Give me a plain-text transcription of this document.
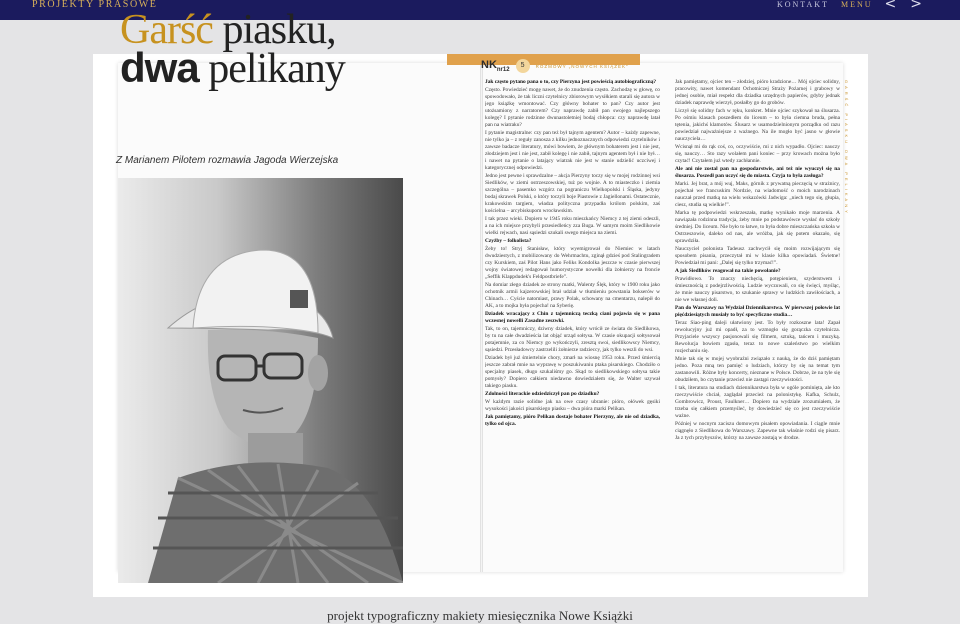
PROJEKTY PRASOWE	KONTAKT MENU < >
Garść piasku,
dwa pelikany
Z Marianem Pilotem rozmawia Jagoda Wierzejska
$NK_{nr12}$
5	ROZMOWY „NOWYCH KSIĄŻEK”

Jak często pytano pana o to, czy Pierzyna jest powieścią autobiograficzną?

Często. Powiedzieć mogę nawet, że do znudzenia często. Zachodzę w głowę, co spowodowało, że tak liczni czytelnicy zbiorowym wysiłkiem starali się autora w jego książkę wmontować. Czy główny bohater to pan? Czy autor jest utożsamiony z narratorem? Czy naprawdę zabił pan swojego najlepszego kolegę? I pytanie rodzinne dwunastoletniej bodaj chłopca: czy naprawdę latał pan na wiatraku?

I pytanie magistralne: czy pan też był tajnym agentem? Autor – każdy zapewne, nie tylko ja – z reguły zanosza z kilku jednoznacznych odpowiedzi czytelników i zawsze badacze literatury, mówi bowiem, że głównym bohaterem jest i nie jest, złodziejem jest i nie jest, zabił kolegę i nie zabił, tajnym agentem był i nie był… i nawet na pytanie o latający wiatrak nie jest w stanie udzielić uczciwej i kategorycznej odpowiedzi.

Jedno jest pewne i sprawdzalne – akcja Pierzyny toczy się w mojej rodzinnej wsi Siedlików, w ziemi ostrzeszowskiej, tuż po wojnie. A to miasteczko i ziemia szczególna – pasemko wzgórz na pograniczu Wielkopolski i Śląska, jedyny bodaj skrawek Polski, o który toczyli boje Piastowie z Jagiellonami. Ostatecznie, krakowskim targiem, władza polityczna przypadła królom polskim, zaś kościelna – arcybiskupom wrocławskim.

I tak przez wieki. Dopiero w 1945 roku mieszkańcy Niemcy z tej ziemi odeszli, a na ich miejsce przybyli przesiedleńcy zza Buga. W samym moim Siedlikowie wielki rejwach, nasi sąsiedzi szukali swego miejsca na ziemi.

Czyżby – folkolista?

Żeby to! Stryj Stanisław, który wyemigrował do Niemiec w latach dwudziestych, z mobilizowany do Wehrmachtu, zginął gdzieś pod Stalingradem czy Kurskiem, zaś Pilot Hans jako Feliks Kondolka jeszcze w czasie pierwszej wojny światowej redagował humorystyczne nowelki dla żołnierzy na froncie „Seffik Klappdudek's Feldpostbriefe”.

Na domiar złego dziadek ze strony matki, Walenty Ślęk, który w 1900 roku jako ochotnik armii kajzerowskiej brał udział w tłumieniu powstania bokserów w Chinach… Cyście natomiast, prawy Polak, schowany na cmentarzu, nalepił do AK, a to mojka była pojecha! na Syberię.

Dziadek wracający z Chin z tajemniczą teczką ciani pojawia się w pana wczesnej nowelli Zasadne zeszwki.

Tak, to on, tajemniczy, dziwny dziadek, który wrócił ze świata do Siedlikowa, by tu na całe dwadzieścia lat objąć urząd sołtysa. W czasie okupacji sołtysował potajemnie, za co Niemcy go wykończyli, zresztą swoi, siedlikowscy Niemcy, sąsiedzi. Przesładowcy zastrzelili żołnierze radzieccy, jak tylko weszli do wsi.

Dziadek był już śmiertelnie chory, zmarł na wiosnę 1953 roku. Przed śmiercią jeszcze zabrał mnie na wyprawę w poszukiwaniu ptaka pisarskiego. Chodziło o specjalny piasek, długo szukaliśmy go. Skąd to siedlikowskiego sołtysa takie pomysły? Dopiero całkiem niedawno dowiedziałem się, że Walter uzywał takiego piasku.

Zdolności literackie odziedziczył pan po dziadku?

W każdym razie solidne jak na owe czasy ubranie: pióro, ołówek gęsiki wysokości jakości pisarskiego piasku – dwa pióra marki Pelikan.

Jak pamiętamy, pióro Pelikan dostaje bohater Pierzyny, ale nie od dziadka, tylko od ojca.

Jak pamiętamy, ojciec ten – złodziej, pióro kradzione… Mój ojciec solidny, pracowity, nawet komendant Ochotniczej Straży Pożarnej i grabowy w jednej osobie, miał respekt dla dziadka urzędnych papierów, gdyby jednak dziadek naprawdę wierzył, posłałby go do grobów.

Liczył się solidny fach w ręku, konkret. Mnie ojciec szykował na ślusarza. Po ośmiu klasach poszedłem do liceum – to była ciemna bruda, pełna tętenia, jakichś klamotów. Ślusarz w usamodzielnionym porządku od razu powiedział najważniejsze z ważnego. Na ile mogło być jasno w głowie nauczyciela…

Wcisnął mi do rąk coś, co, oczywiście, mi z nich wypadło. Ojciec: nauczy się, nauczy… Sto razy wolałem pani koniec – przy krowach można było czytać! Czytałem już wtedy zachłannie.

Ale ani nie zostal pan na gospodarstwie, ani też nie wyuczył się na ślusarza. Poszedł pan uczyć się do miasta. Czyja to była zasługa?

Marki. Jej brat, a mój wuj, Maks, górnik z prywatną pieczęcią w strażnicy, pojechał we francuskim Nordzie, na wiadomość o moich narodzinach nauczał przed matką na wielu wskazówki Jadwiga: „niech tego się, głupia, ciesz, studia są wielkie!”.

Marka tę podpowiedzi wskrzeszała, matkę wynikało moje marzenia. A nawiązała rodzinna tradycja, żeby mnie po podstawówce wysłać do szkoły średniej. Do liceum. Nie było to łatwe, to była dobre mieszczańska szkoła w Ostrzeszowie, daleko od nas, ale wróżba, jak się potem okazało, się sprawdziła.

Nauczyciel polonista Tadeusz zachwycił się moim rozwijającym się sposobem pisania, przeczytał mi w klasie kilka opowiadań. Świetne! Powiedział mi pani: „Dalej się tylko trzymać!”.

A jak Siedlików reagował na takie powołanie?

Prawidłowo. To znaczy niechęcią, potępieniem, szyderstwem i śmiesznością z podejrzliwością. Ludzie wyczuwali, co się święci, myśląc, że mnie nauczy pisarstwo, to szukanie sprawy w ludzkich zawiłościach, a nie we własnej doli.

Pan do Warszawy na Wydział Dziennikarstwa. W pierwszej połowie lat pięćdziesiątych musiały to być specyficzne studia…

Teraz Siao-ping daleji ułatwiony jest. To były rozkoszne lata! Zapał rewolucyjny już mi opadł, za to wzmogło się gorączka czytelnicza. Przyjaciele wszyscy pasjonowali się filmem, sztuką, tańcem i muzyką. Rewolucja bowiem zgasła, teraz to nowe szaleństwo po wielkim rozjechaniu się.

Mnie tak się w mojej wyobraźni związało z nauką, że do dziś pamiętam jedno. Poza mną ten pamięć o ludziach, którzy by się na temat tym zastanowili. Różne były koncerty, nieznane w Polsce. Dobrze, że na tyle się obudziłem, bo czytanie przecież nie zastąpi rzeczywistości.

I tak, literatura na studiach dziennikarstwa była w ogóle pominięta, ale kto rzeczywiście chciał, zaglądał przecież na polonistykę. Kafka, Schulz, Gombrowicz, Proust, Faulkner… Dopiero na wydziale zrozumiałem, że trzeba się całkiem przemyśleć, by dowiedzieć się co jest rzeczywiście ważne.

Później w nocnym zaciszu domowym pisałem opowiadania. I ciągle mnie ciągnęło z Siedlikowa do Warszawy. Zapewne tak właśnie rodzi się pisarz. Ja z tych przybyszów, którzy na zawsze zostają w drodze.

GARŚĆ PIASKU DWA PELIKANY
projekt typograficzny makiety miesięcznika Nowe Książki
